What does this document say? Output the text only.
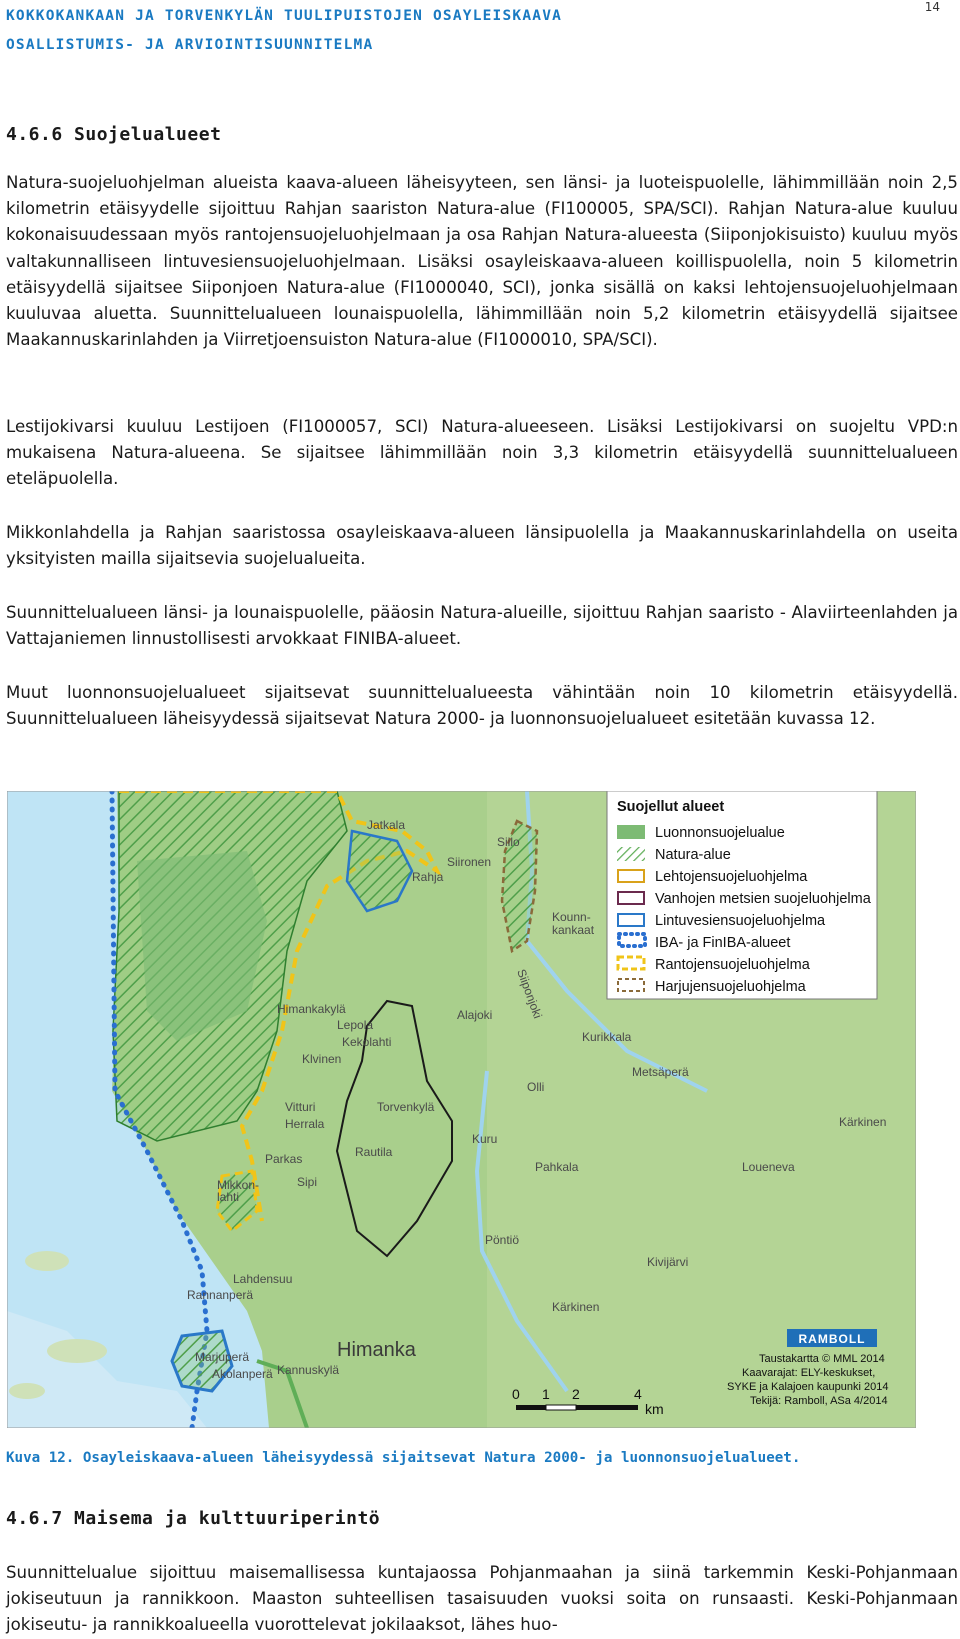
KOKKOKANKAAN JA TORVENKYLÄN TUULIPUISTOJEN OSAYLEISKAAVA
OSALLISTUMIS- JA ARVIOINTISUUNNITELMA
14
4.6.6 Suojelualueet
Natura-suojeluohjelman alueista kaava-alueen läheisyyteen, sen länsi- ja luoteispuolelle, lähimmillään noin 2,5 kilometrin etäisyydelle sijoittuu Rahjan saariston Natura-alue (FI100005, SPA/SCI). Rahjan Natura-alue kuuluu kokonaisuudessaan myös rantojensuojeluohjelmaan ja osa Rahjan Natura-alueesta (Siiponjokisuisto) kuuluu myös valtakunnalliseen lintuvesiensuojeluohjelmaan. Lisäksi osayleiskaava-alueen koillispuolella, noin 5 kilometrin etäisyydellä sijaitsee Siiponjoen Natura-alue (FI1000040, SCI), jonka sisällä on kaksi lehtojensuojeluohjelmaan kuuluvaa aluetta. Suunnittelualueen lounaispuolella, lähimmillään noin 5,2 kilometrin etäisyydellä sijaitsee Maakannuskarinlahden ja Viirretjoensuiston Natura-alue (FI1000010, SPA/SCI).
Lestijokivarsi kuuluu Lestijoen (FI1000057, SCI) Natura-alueeseen. Lisäksi Lestijokivarsi on suojeltu VPD:n mukaisena Natura-alueena. Se sijaitsee lähimmillään noin 3,3 kilometrin etäisyydellä suunnittelualueen eteläpuolella.
Mikkonlahdella ja Rahjan saaristossa osayleiskaava-alueen länsipuolella ja Maakannuskarinlahdella on useita yksityisten mailla sijaitsevia suojelualueita.
Suunnittelualueen länsi- ja lounaispuolelle, pääosin Natura-alueille, sijoittuu Rahjan saaristo - Alaviirteenlahden ja Vattajaniemen linnustollisesti arvokkaat FINIBA-alueet.
Muut luonnonsuojelualueet sijaitsevat suunnittelualueesta vähintään noin 10 kilometrin etäisyydellä. Suunnittelualueen läheisyydessä sijaitsevat Natura 2000- ja luonnonsuojelualueet esitetään kuvassa 12.
Jatkala
Siilo
Rahja
Siironen
Kounn-
kankaat
Siiponjoki
Himankakylä
Lepola
Kekolahti
Alajoki
Klvinen
Torvenkylä
Vitturi
Herrala
Kurikkala
Metsäperä
Kärkinen
Olli
Kuru
Parkas	Rautila
Pahkala
Sipi
Loueneva
Mikkon-
lahti
Pöntiö
Lahdensuu
Rannanperä
Himanka
Kärkinen
Marjuperä
Akolanperä Kannuskylä
Kivijärvi
Suojellut alueet
Luonnonsuojelualue
Natura-alue
Lehtojensuojeluohjelma
Vanhojen metsien suojeluohjelma
Lintuvesiensuojeluohjelma
IBA- ja FinIBA-alueet
Rantojensuojeluohjelma
Harjujensuojeluohjelma
RAMBOLL
Taustakartta © MML 2014
Kaavarajat: ELY-keskukset,
SYKE ja Kalajoen kaupunki 2014
Tekijä: Ramboll, ASa 4/2014
0 1 2	4
km
Kuva 12. Osayleiskaava-alueen läheisyydessä sijaitsevat Natura 2000- ja luonnonsuojelualueet.
4.6.7 Maisema ja kulttuuriperintö
Suunnittelualue sijoittuu maisemallisessa kuntajaossa Pohjanmaahan ja siinä tarkemmin Keski-Pohjanmaan jokiseutuun ja rannikkoon. Maaston suhteellisen tasaisuuden vuoksi soita on runsaasti. Keski-Pohjanmaan jokiseutu- ja rannikkoalueella vuorottelevat jokilaaksot, lähes huo-
